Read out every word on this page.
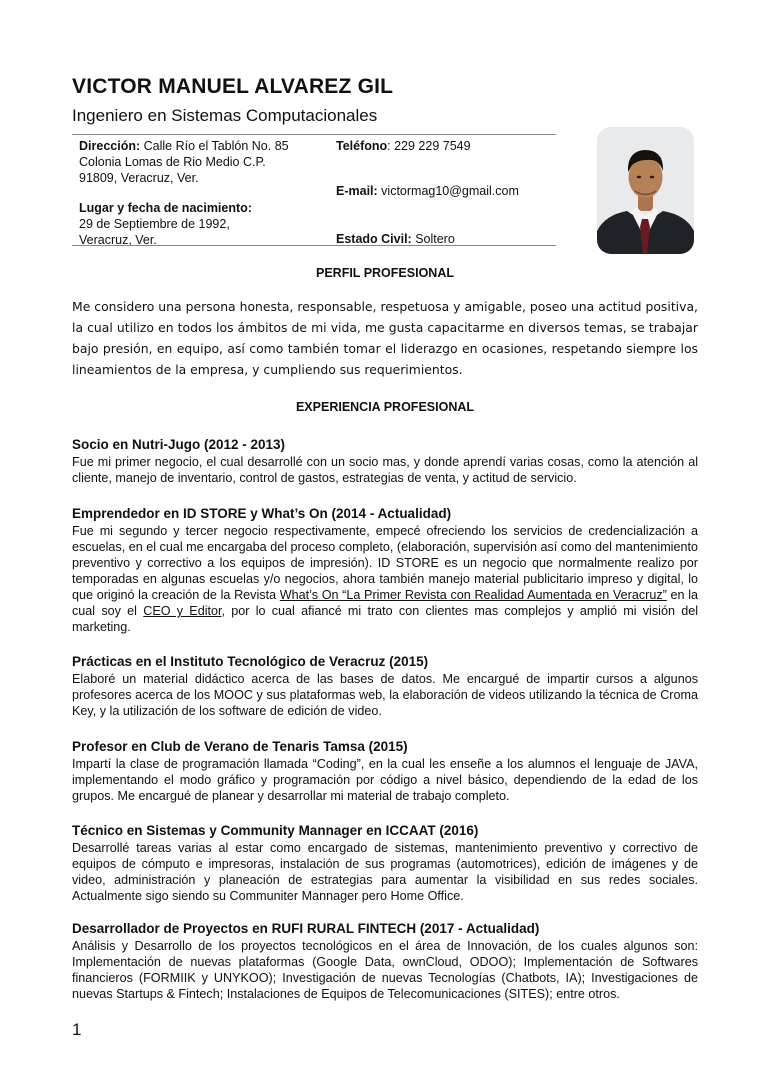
VICTOR MANUEL ALVAREZ GIL
Ingeniero en Sistemas Computacionales
Dirección: Calle Río el Tablón No. 85
Colonia Lomas de Rio Medio C.P.
91809, Veracruz, Ver.
Lugar y fecha de nacimiento:
29 de Septiembre de 1992,
Veracruz, Ver.
Teléfono: 229 229 7549
E-mail: victormag10@gmail.com
Estado Civil: Soltero
PERFIL PROFESIONAL
Me considero una persona honesta, responsable, respetuosa y amigable, poseo una actitud positiva, la cual utilizo en todos los ámbitos de mi vida, me gusta capacitarme en diversos temas, se trabajar bajo presión, en equipo, así como también tomar el liderazgo en ocasiones, respetando siempre los lineamientos de la empresa, y cumpliendo sus requerimientos.
EXPERIENCIA PROFESIONAL
Socio en Nutri-Jugo (2012 - 2013)
Fue mi primer negocio, el cual desarrollé con un socio mas, y donde aprendí varias cosas, como la atención al cliente, manejo de inventario, control de gastos, estrategias de venta, y actitud de servicio.
Emprendedor en ID STORE y What’s On (2014 - Actualidad)
Fue mi segundo y tercer negocio respectivamente, empecé ofreciendo los servicios de credencialización a escuelas, en el cual me encargaba del proceso completo, (elaboración, supervisión así como del mantenimiento preventivo y correctivo a los equipos de impresión). ID STORE es un negocio que normalmente realizo por temporadas en algunas escuelas y/o negocios, ahora también manejo material publicitario impreso y digital, lo que originó la creación de la Revista What’s On “La Primer Revista con Realidad Aumentada en Veracruz” en la cual soy el CEO y Editor, por lo cual afiancé mi trato con clientes mas complejos y amplió mi visión del marketing.
Prácticas en el Instituto Tecnológico de Veracruz (2015)
Elaboré un material didáctico acerca de las bases de datos. Me encargué de impartir cursos a algunos profesores acerca de los MOOC y sus plataformas web, la elaboración de videos utilizando la técnica de Croma Key, y la utilización de los software de edición de video.
Profesor en Club de Verano de Tenaris Tamsa (2015)
Impartí la clase de programación llamada “Coding”, en la cual les enseñe a los alumnos el lenguaje de JAVA, implementando el modo gráfico y programación por código a nivel básico, dependiendo de la edad de los grupos. Me encargué de planear y desarrollar mi material de trabajo completo.
Técnico en Sistemas y Community Mannager en ICCAAT (2016)
Desarrollé tareas varias al estar como encargado de sistemas, mantenimiento preventivo y correctivo de equipos de cómputo e impresoras, instalación de sus programas (automotrices), edición de imágenes y de video, administración y planeación de estrategias para aumentar la visibilidad en sus redes sociales. Actualmente sigo siendo su Communiter Mannager pero Home Office.
Desarrollador de Proyectos en RUFI RURAL FINTECH (2017 - Actualidad)
Análisis y Desarrollo de los proyectos tecnológicos en el área de Innovación, de los cuales algunos son: Implementación de nuevas plataformas (Google Data, ownCloud, ODOO); Implementación de Softwares financieros (FORMIIK y UNYKOO); Investigación de nuevas Tecnologías (Chatbots, IA); Investigaciones de nuevas Startups & Fintech; Instalaciones de Equipos de Telecomunicaciones (SITES); entre otros.
1
